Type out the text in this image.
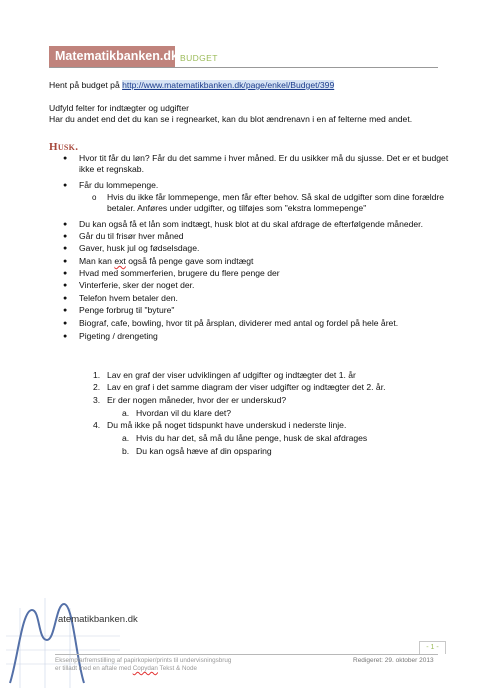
Matematikbanken.dk BUDGET
Hent på budget på http://www.matematikbanken.dk/page/enkel/Budget/399
Udfyld felter for indtægter og udgifter
Har du andet end det du kan se i regnearket, kan du blot ændrenavn i en af felterne med andet.
Husk.
● Hvor tit får du løn? Får du det samme i hver måned. Er du usikker må du sjusse. Det er et budget
ikke et regnskab.
● Får du lommepenge.
o Hvis du ikke får lommepenge, men får efter behov. Så skal de udgifter som dine forældre
betaler. Anføres under udgifter, og tilføjes som "ekstra lommepenge"
● Du kan også få et lån som indtægt, husk blot at du skal afdrage de efterfølgende måneder.
● Går du til frisør hver måned
● Gaver, husk jul og fødselsdage.
● Man kan ext også få penge gave som indtægt
● Hvad med sommerferien, brugere du flere penge der
● Vinterferie, sker der noget der.
● Telefon hvem betaler den.
● Penge forbrug til "byture"
● Biograf, cafe, bowling, hvor tit på årsplan, dividerer med antal og fordel på hele året.
● Pigeting / drengeting
1. Lav en graf der viser udviklingen af udgifter og indtægter det 1. år
2. Lav en graf i det samme diagram der viser udgifter og indtægter det 2. år.
3. Er der nogen måneder, hvor der er underskud?
a. Hvordan vil du klare det?
4. Du må ikke på noget tidspunkt have underskud i nederste linje.
a. Hvis du har det, så må du låne penge, husk de skal afdrages
b. Du kan også hæve af din opsparing
atematikbanken.dk
- 1 -
Eksemplarfremstilling af papirkopier/prints til undervisningsbrug
er tilladt med en aftale med Copydan Tekst & Node
Redigeret: 29. oktober 2013
